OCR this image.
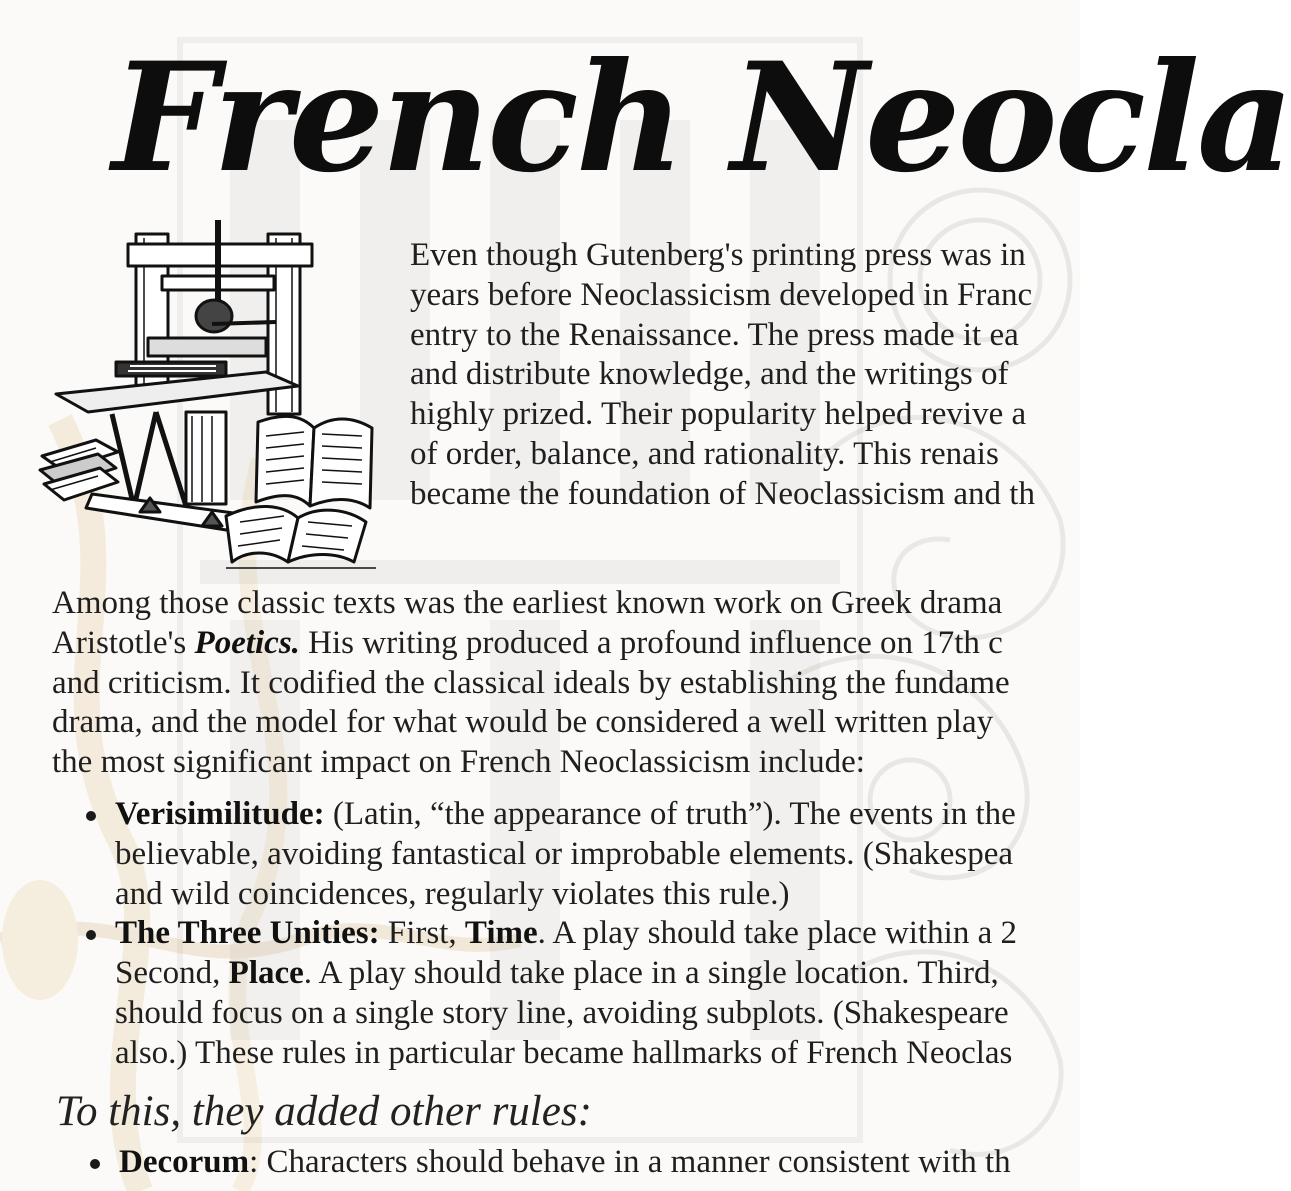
French Neocla

Even though Gutenberg's printing press was in
years before Neoclassicism developed in Franc
entry to the Renaissance. The press made it ea
and distribute knowledge, and the writings of
highly prized. Their popularity helped revive a
of order, balance, and rationality. This renais
became the foundation of Neoclassicism and th

Among those classic texts was the earliest known work on Greek drama
Aristotle's Poetics. His writing produced a profound influence on 17th c
and criticism. It codified the classical ideals by establishing the fundame
drama, and the model for what would be considered a well written play
the most significant impact on French Neoclassicism include:

Verisimilitude: (Latin, “the appearance of truth”). The events in the
believable, avoiding fantastical or improbable elements. (Shakespea
and wild coincidences, regularly violates this rule.)
The Three Unities: First, Time. A play should take place within a 2
Second, Place. A play should take place in a single location. Third,
should focus on a single story line, avoiding subplots. (Shakespeare
also.) These rules in particular became hallmarks of French Neoclas
To this, they added other rules:
Decorum: Characters should behave in a manner consistent with th
